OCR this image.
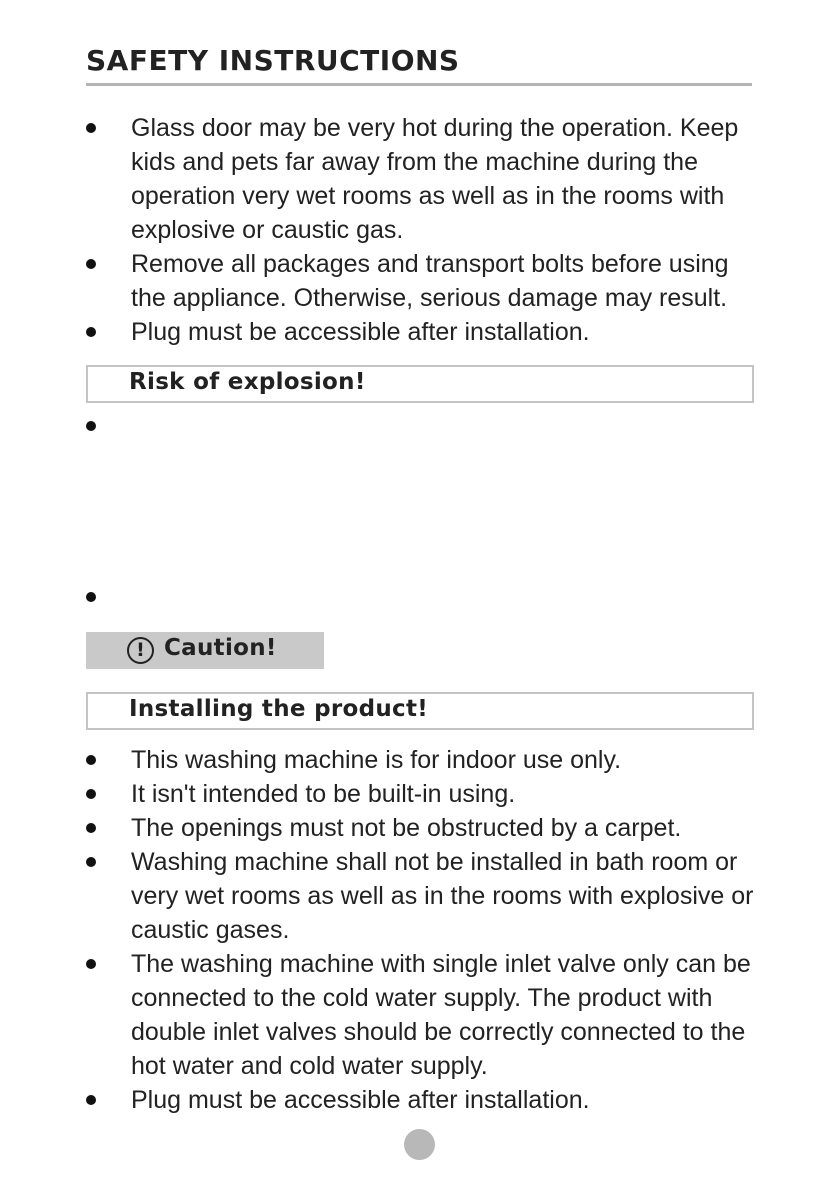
SAFETY INSTRUCTIONS
Glass door may be very hot during the operation. Keep kids and pets far away from the machine during the operation very wet rooms as well as in the rooms with explosive or caustic gas.
Remove all packages and transport bolts before using the appliance. Otherwise, serious damage may result.
Plug must be accessible after installation.
Risk of explosion!
! Caution!
Installing the product!
This washing machine is for indoor use only.
It isn't intended to be built-in using.
The openings must not be obstructed by a carpet.
Washing machine shall not be installed in bath room or very wet rooms as well as in the rooms with explosive or caustic gases.
The washing machine with single inlet valve only can be connected to the cold water supply. The product with double inlet valves should be correctly connected to the hot water and cold water supply.
Plug must be accessible after installation.
